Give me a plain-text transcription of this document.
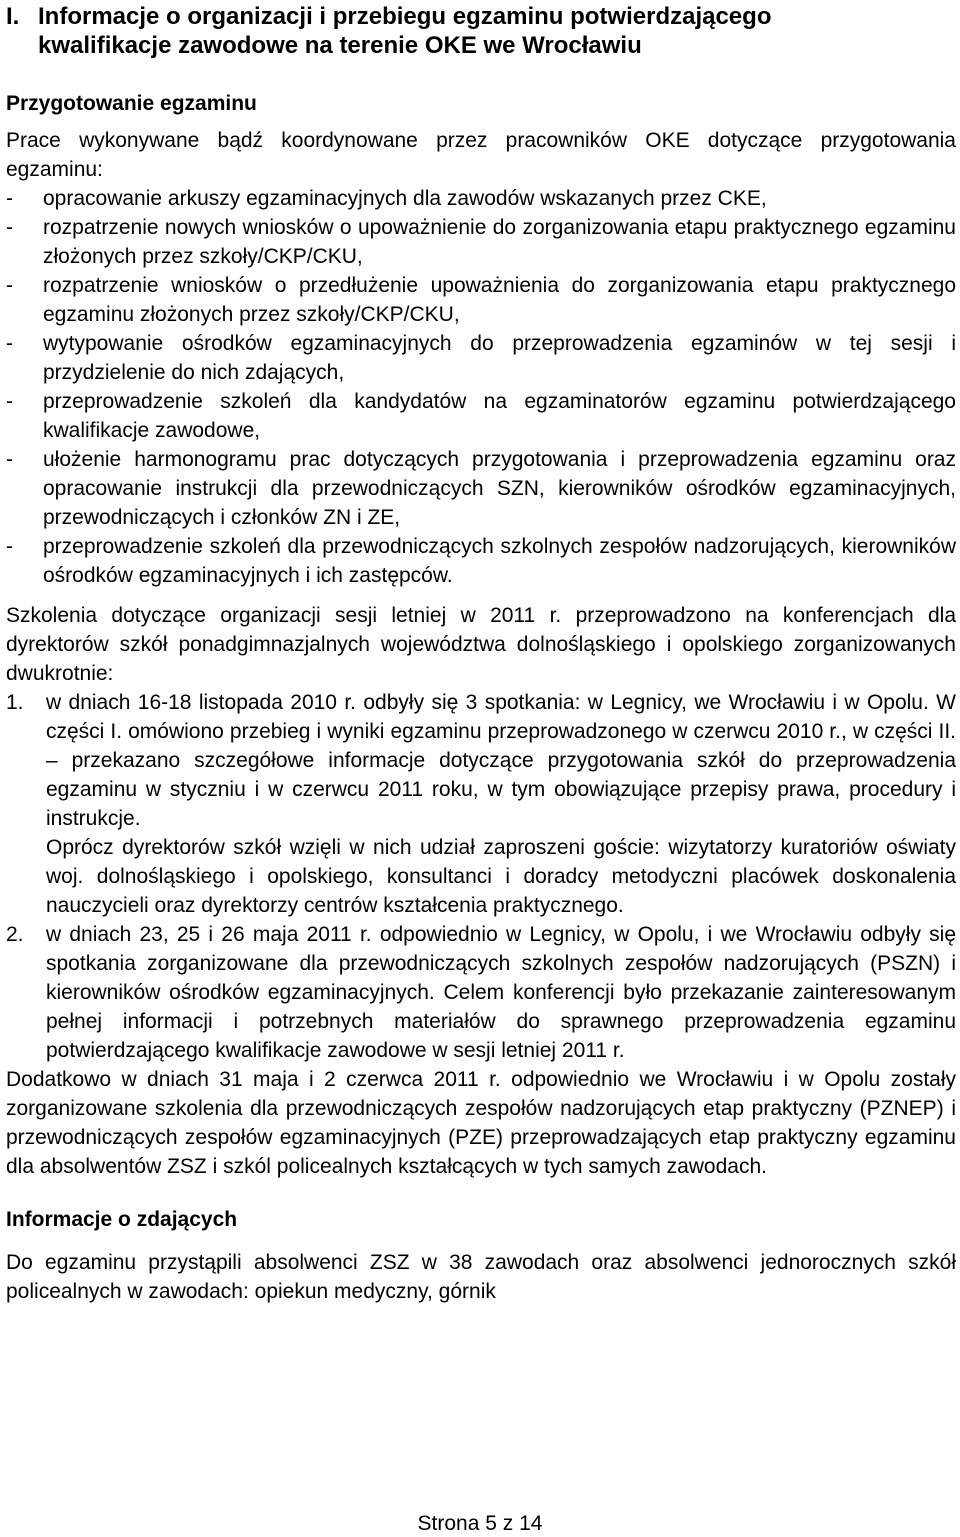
I. Informacje o organizacji i przebiegu egzaminu potwierdzającego
kwalifikacje zawodowe na terenie OKE we Wrocławiu
Przygotowanie egzaminu

Prace wykonywane bądź koordynowane przez pracowników OKE dotyczące przygotowania egzaminu:

- opracowanie arkuszy egzaminacyjnych dla zawodów wskazanych przez CKE,
- rozpatrzenie nowych wniosków o upoważnienie do zorganizowania etapu praktycznego egzaminu złożonych przez szkoły/CKP/CKU,
- rozpatrzenie wniosków o przedłużenie upoważnienia do zorganizowania etapu praktycznego egzaminu złożonych przez szkoły/CKP/CKU,
- wytypowanie ośrodków egzaminacyjnych do przeprowadzenia egzaminów w tej sesji i przydzielenie do nich zdających,
- przeprowadzenie szkoleń dla kandydatów na egzaminatorów egzaminu potwierdzającego kwalifikacje zawodowe,
- ułożenie harmonogramu prac dotyczących przygotowania i przeprowadzenia egzaminu oraz opracowanie instrukcji dla przewodniczących SZN, kierowników ośrodków egzaminacyjnych, przewodniczących i członków ZN i ZE,
- przeprowadzenie szkoleń dla przewodniczących szkolnych zespołów nadzorujących, kierowników ośrodków egzaminacyjnych i ich zastępców.

Szkolenia dotyczące organizacji sesji letniej w 2011 r. przeprowadzono na konferencjach dla dyrektorów szkół ponadgimnazjalnych województwa dolnośląskiego i opolskiego zorganizowanych dwukrotnie:

1. w dniach 16-18 listopada 2010 r. odbyły się 3 spotkania: w Legnicy, we Wrocławiu i w Opolu. W części I. omówiono przebieg i wyniki egzaminu przeprowadzonego w czerwcu 2010 r., w części II. – przekazano szczegółowe informacje dotyczące przygotowania szkół do przeprowadzenia egzaminu w styczniu i w czerwcu 2011 roku, w tym obowiązujące przepisy prawa, procedury i instrukcje.

Oprócz dyrektorów szkół wzięli w nich udział zaproszeni goście: wizytatorzy kuratoriów oświaty woj. dolnośląskiego i opolskiego, konsultanci i doradcy metodyczni placówek doskonalenia nauczycieli oraz dyrektorzy centrów kształcenia praktycznego.

2. w dniach 23, 25 i 26 maja 2011 r. odpowiednio w Legnicy, w Opolu, i we Wrocławiu odbyły się spotkania zorganizowane dla przewodniczących szkolnych zespołów nadzorujących (PSZN) i kierowników ośrodków egzaminacyjnych. Celem konferencji było przekazanie zainteresowanym pełnej informacji i potrzebnych materiałów do sprawnego przeprowadzenia egzaminu potwierdzającego kwalifikacje zawodowe w sesji letniej 2011 r.

Dodatkowo w dniach 31 maja i 2 czerwca 2011 r. odpowiednio we Wrocławiu i w Opolu zostały zorganizowane szkolenia dla przewodniczących zespołów nadzorujących etap praktyczny (PZNEP) i przewodniczących zespołów egzaminacyjnych (PZE) przeprowadzających etap praktyczny egzaminu dla absolwentów ZSZ i szkól policealnych kształcących w tych samych zawodach.

Informacje o zdających

Do egzaminu przystąpili absolwenci ZSZ w 38 zawodach oraz absolwenci jednorocznych szkół policealnych w zawodach: opiekun medyczny, górnik

Strona 5 z 14
